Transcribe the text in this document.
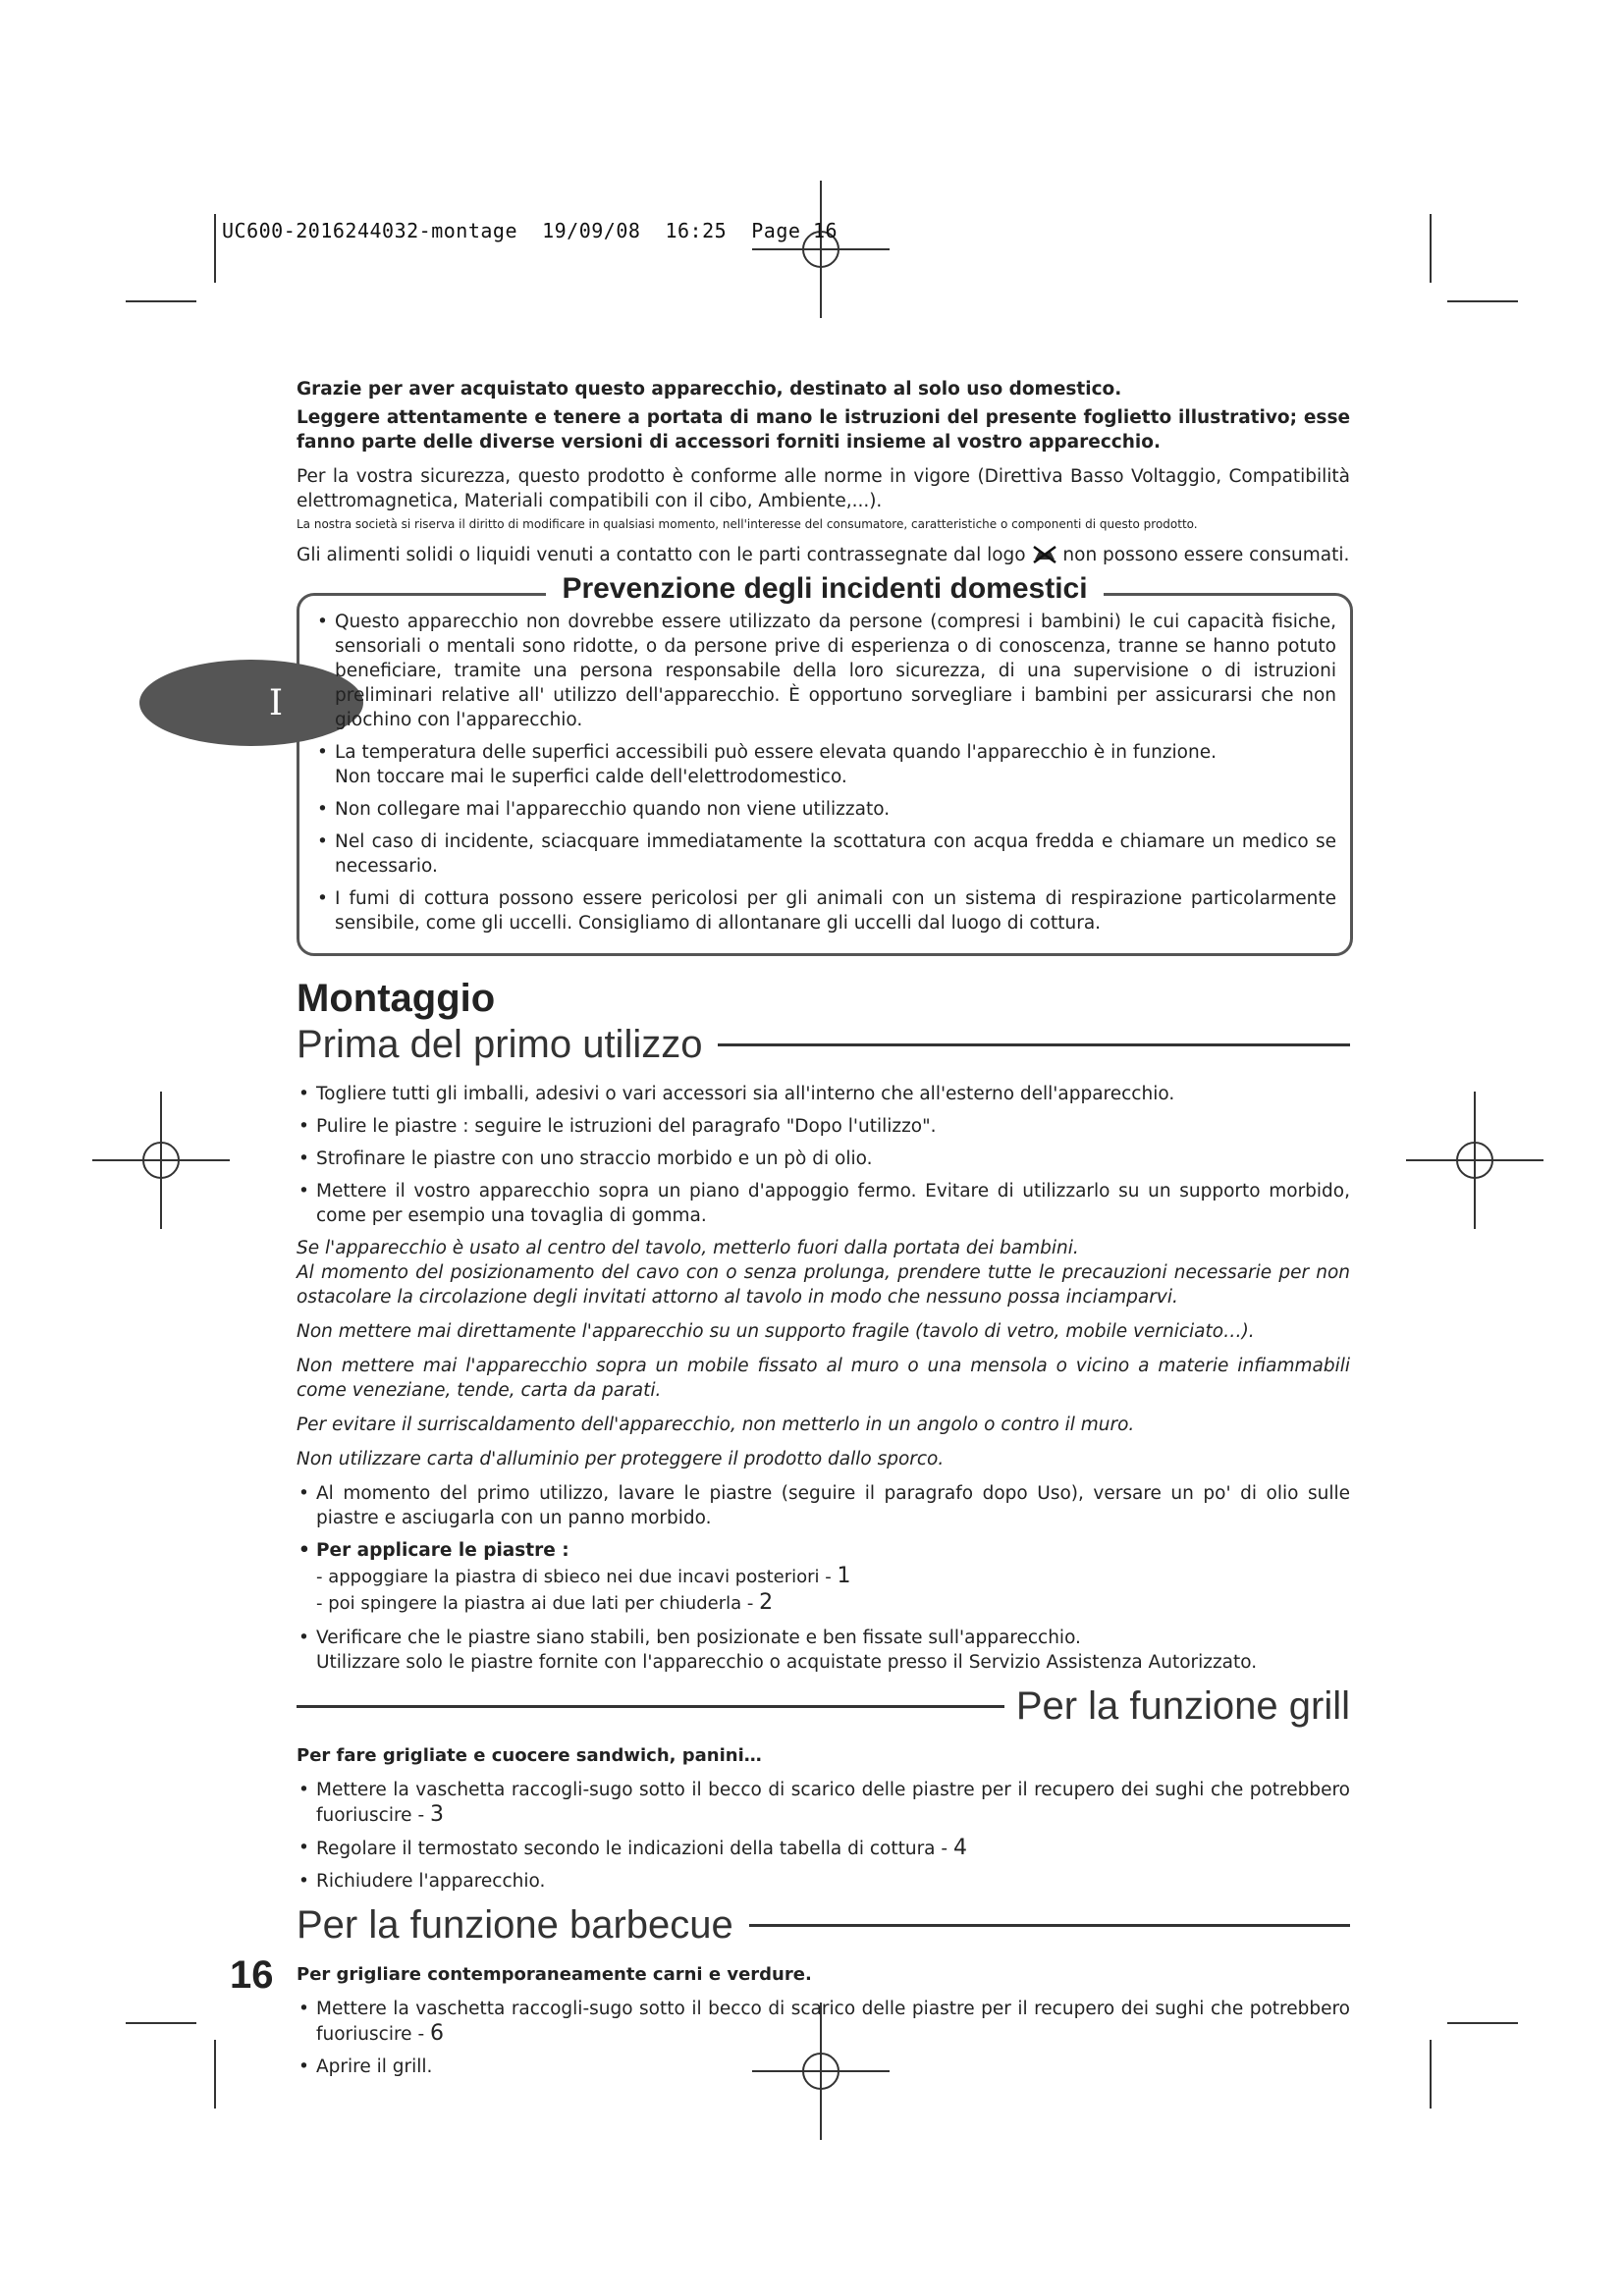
UC600-2016244032-montage  19/09/08  16:25  Page 16
I

Grazie per aver acquistato questo apparecchio, destinato al solo uso domestico.

Leggere attentamente e tenere a portata di mano le istruzioni del presente foglietto illustrativo; esse fanno parte delle diverse versioni di accessori forniti insieme al vostro apparecchio.

Per la vostra sicurezza, questo prodotto è conforme alle norme in vigore (Direttiva Basso Voltaggio, Compatibilità elettromagnetica, Materiali compatibili con il cibo, Ambiente,...).

La nostra società si riserva il diritto di modificare in qualsiasi momento, nell'interesse del consumatore, caratteristiche o componenti di questo prodotto.

Gli alimenti solidi o liquidi venuti a contatto con le parti contrassegnate dal logo non possono essere consumati.

Prevenzione degli incidenti domestici
• Questo apparecchio non dovrebbe essere utilizzato da persone (compresi i bambini) le cui capacità fisiche, sensoriali o mentali sono ridotte, o da persone prive di esperienza o di conoscenza, tranne se hanno potuto beneficiare, tramite una persona responsabile della loro sicurezza, di una supervisione o di istruzioni preliminari relative all' utilizzo dell'apparecchio. È opportuno sorvegliare i bambini per assicurarsi che non giochino con l'apparecchio.
• La temperatura delle superfici accessibili può essere elevata quando l'apparecchio è in funzione.
Non toccare mai le superfici calde dell'elettrodomestico.
• Non collegare mai l'apparecchio quando non viene utilizzato.
• Nel caso di incidente, sciacquare immediatamente la scottatura con acqua fredda e chiamare un medico se necessario.
• I fumi di cottura possono essere pericolosi per gli animali con un sistema di respirazione particolarmente sensibile, come gli uccelli. Consigliamo di allontanare gli uccelli dal luogo di cottura.
Montaggio
Prima del primo utilizzo
• Togliere tutti gli imballi, adesivi o vari accessori sia all'interno che all'esterno dell'apparecchio.
• Pulire le piastre : seguire le istruzioni del paragrafo "Dopo l'utilizzo".
• Strofinare le piastre con uno straccio morbido e un pò di olio.
• Mettere il vostro apparecchio sopra un piano d'appoggio fermo. Evitare di utilizzarlo su un supporto morbido, come per esempio una tovaglia di gomma.

Se l'apparecchio è usato al centro del tavolo, metterlo fuori dalla portata dei bambini.

Al momento del posizionamento del cavo con o senza prolunga, prendere tutte le precauzioni necessarie per non ostacolare la circolazione degli invitati attorno al tavolo in modo che nessuno possa inciamparvi.

Non mettere mai direttamente l'apparecchio su un supporto fragile (tavolo di vetro, mobile verniciato…).

Non mettere mai l'apparecchio sopra un mobile fissato al muro o una mensola o vicino a materie infiammabili come veneziane, tende, carta da parati.

Per evitare il surriscaldamento dell'apparecchio, non metterlo in un angolo o contro il muro.

Non utilizzare carta d'alluminio per proteggere il prodotto dallo sporco.

• Al momento del primo utilizzo, lavare le piastre (seguire il paragrafo dopo Uso), versare un po' di olio sulle piastre e asciugarla con un panno morbido.
• Per applicare le piastre :
- appoggiare la piastra di sbieco nei due incavi posteriori - 1
- poi spingere la piastra ai due lati per chiuderla - 2
• Verificare che le piastre siano stabili, ben posizionate e ben fissate sull'apparecchio.
Utilizzare solo le piastre fornite con l'apparecchio o acquistate presso il Servizio Assistenza Autorizzato.
Per la funzione grill

Per fare grigliate e cuocere sandwich, panini…

• Mettere la vaschetta raccogli-sugo sotto il becco di scarico delle piastre per il recupero dei sughi che potrebbero fuoriuscire - 3
• Regolare il termostato secondo le indicazioni della tabella di cottura - 4
• Richiudere l'apparecchio.
Per la funzione barbecue

Per grigliare contemporaneamente carni e verdure.

• Mettere la vaschetta raccogli-sugo sotto il becco di scarico delle piastre per il recupero dei sughi che potrebbero fuoriuscire - 6
• Aprire il grill.
16
